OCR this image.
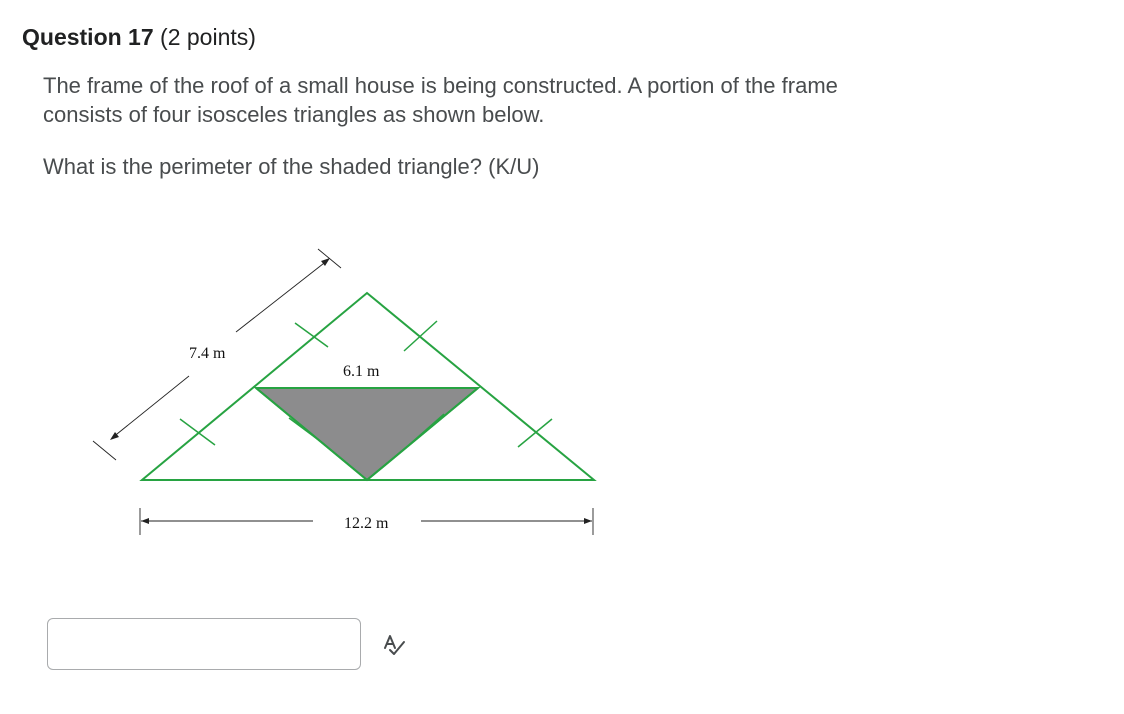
Question 17 (2 points)

The frame of the roof of a small house is being constructed. A portion of the frame
consists of four isosceles triangles as shown below.

What is the perimeter of the shaded triangle? (K/U)

7.4 m
6.1 m
12.2 m
